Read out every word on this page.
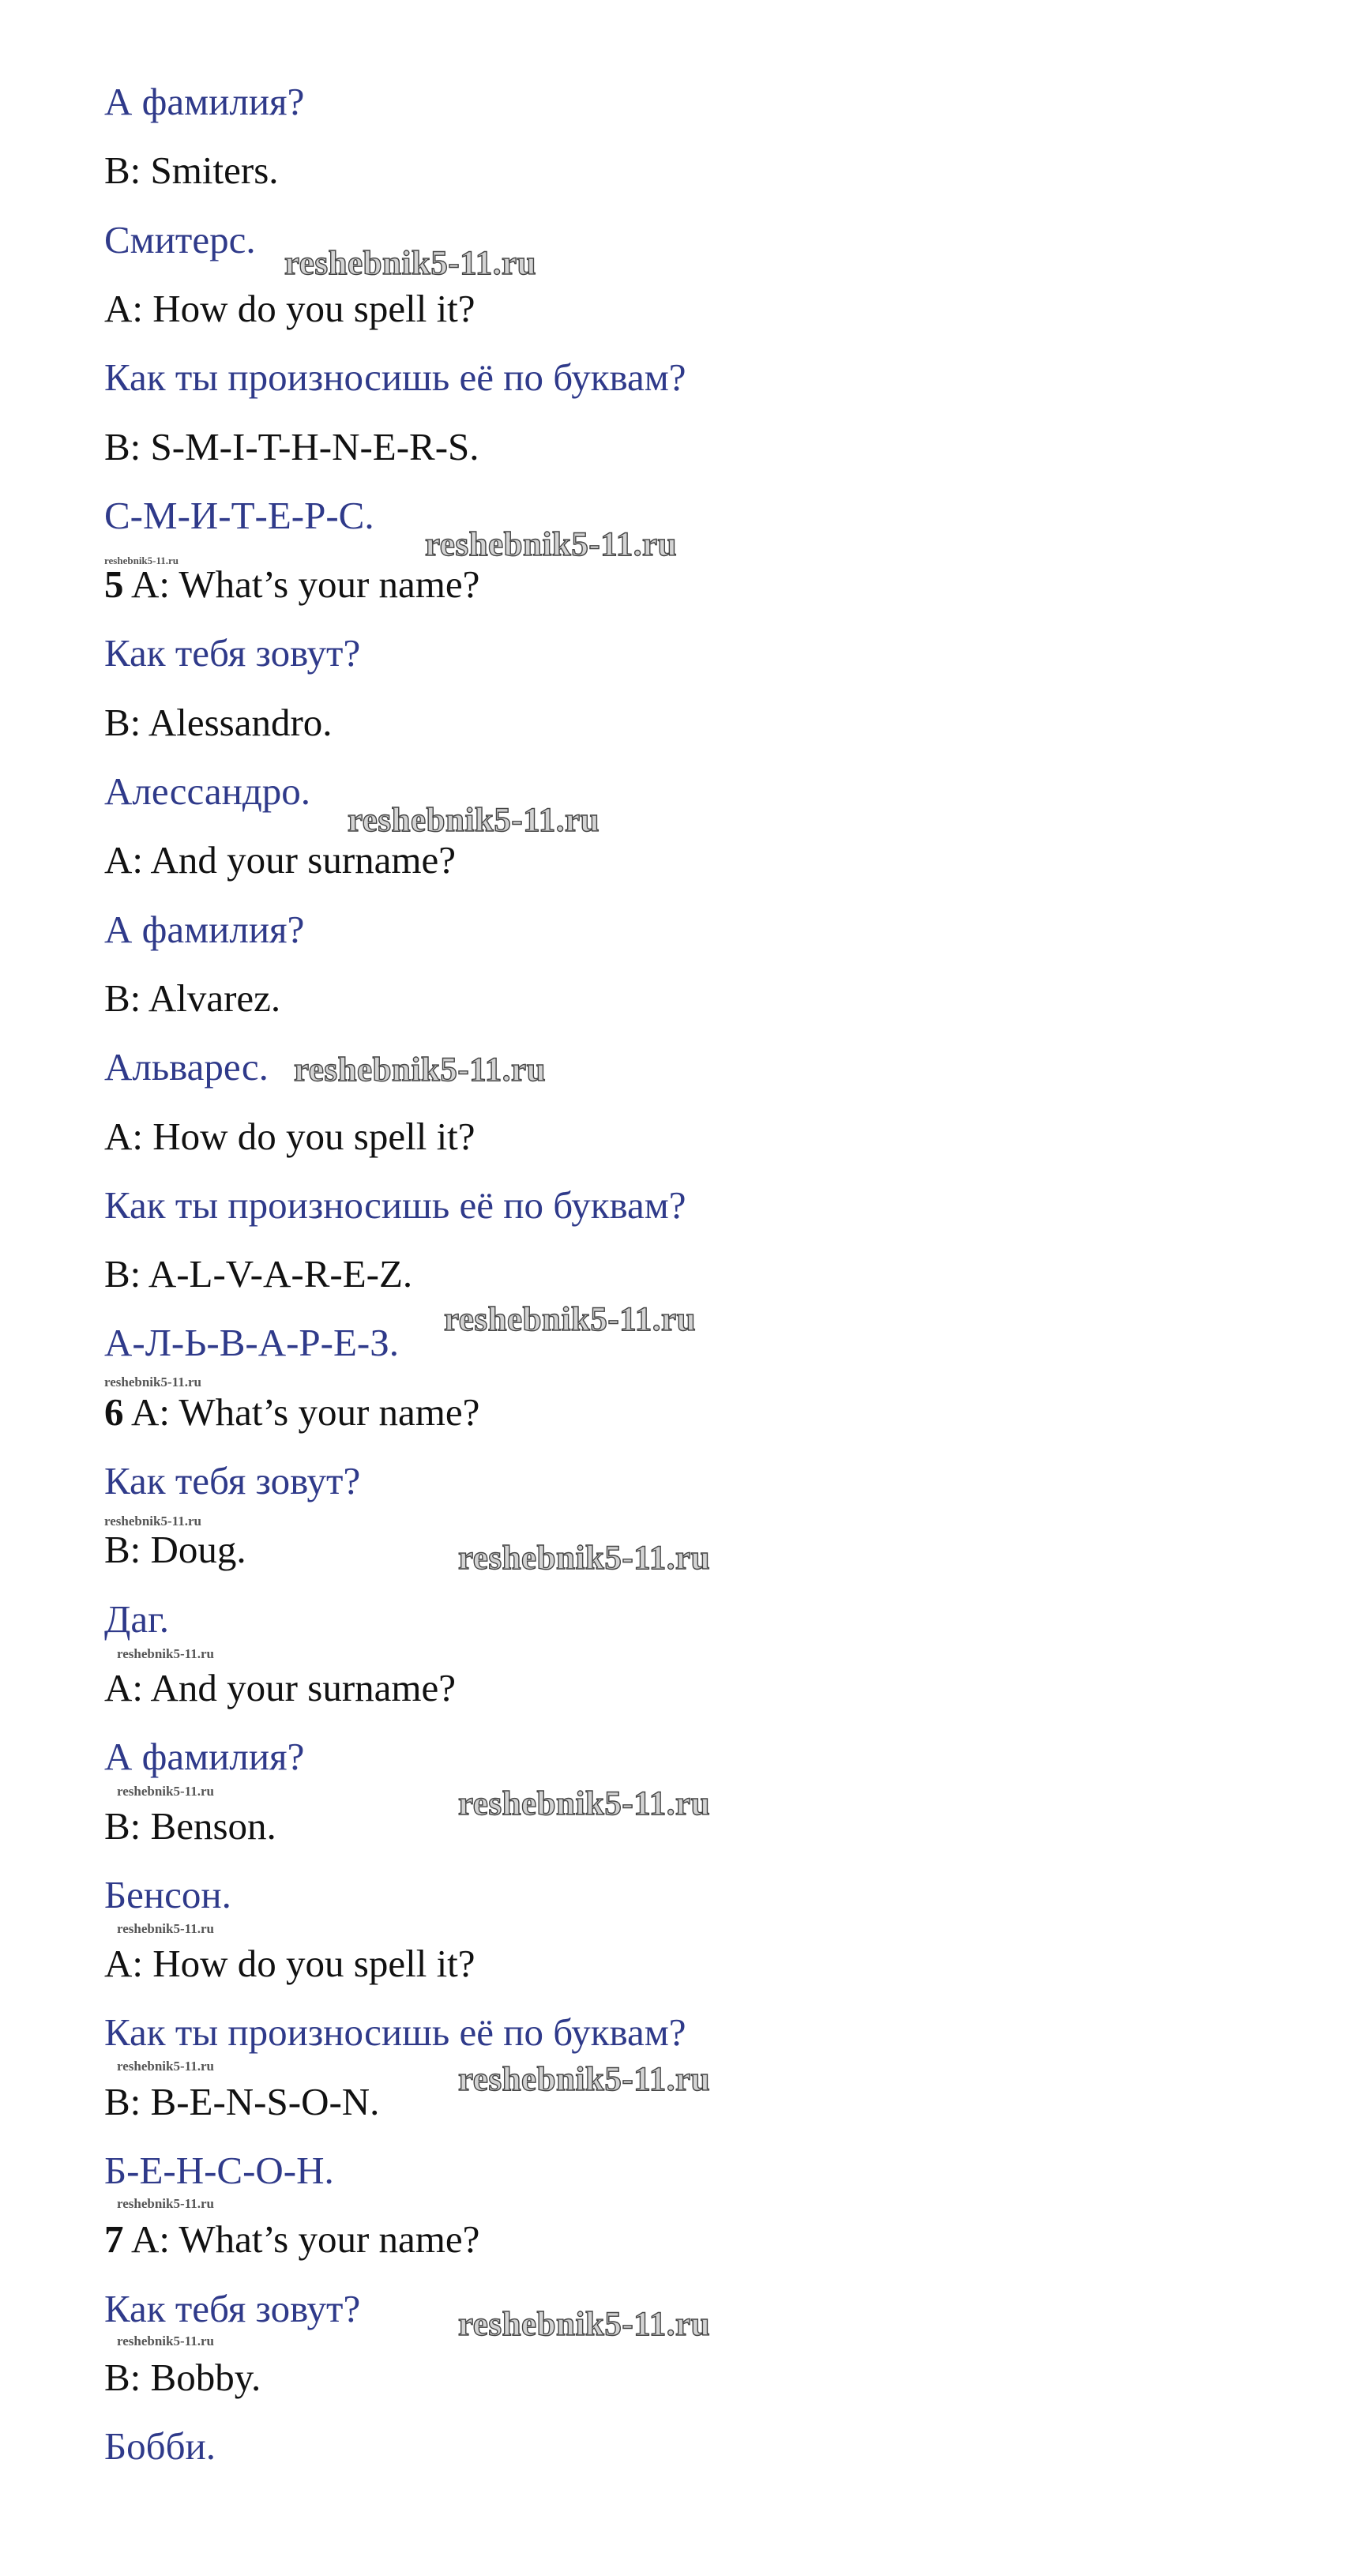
А фамилия?

B: Smiters.

Смитерс.

A: How do you spell it?

Как ты произносишь её по буквам?

B: S-M-I-T-H-N-E-R-S.

С-М-И-Т-Е-Р-С.

5 A: What’s your name?

Как тебя зовут?

B: Alessandro.

Алессандро.

A: And your surname?

А фамилия?

B: Alvarez.

Альварес.

A: How do you spell it?

Как ты произносишь её по буквам?

B: A-L-V-A-R-E-Z.

А-Л-Ь-В-А-Р-Е-З.

6 A: What’s your name?

Как тебя зовут?

B: Doug.

Даг.

A: And your surname?

А фамилия?

B: Benson.

Бенсон.

A: How do you spell it?

Как ты произносишь её по буквам?

B: B-E-N-S-O-N.

Б-Е-Н-С-О-Н.

7 A: What’s your name?

Как тебя зовут?

B: Bobby.

Бобби.

reshebnik5-11.ru
reshebnik5-11.ru
reshebnik5-11.ru
reshebnik5-11.ru
reshebnik5-11.ru
reshebnik5-11.ru
reshebnik5-11.ru
reshebnik5-11.ru
reshebnik5-11.ru
reshebnik5-11.ru
reshebnik5-11.ru
reshebnik5-11.ru
reshebnik5-11.ru
reshebnik5-11.ru
reshebnik5-11.ru
reshebnik5-11.ru
reshebnik5-11.ru
reshebnik5-11.ru
